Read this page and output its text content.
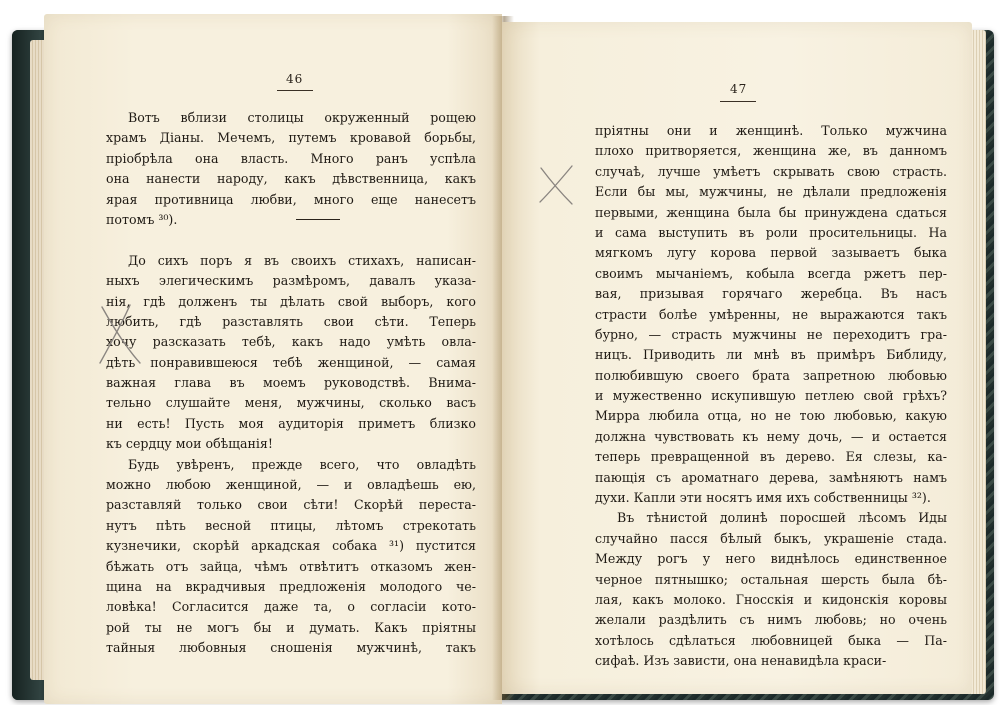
46
Вотъ вблизи столицы окруженный рощею
храмъ Діаны. Мечемъ, путемъ кровавой борьбы,
пріобрѣла она власть. Много ранъ успѣла
она нанести народу, какъ дѣвственница, какъ
ярая противница любви, много еще нанесетъ
потомъ ³⁰).
До сихъ поръ я въ своихъ стихахъ, написан-
ныхъ элегическимъ размѣромъ, давалъ указа-
нія, гдѣ долженъ ты дѣлать свой выборъ, кого
любить, гдѣ разставлять свои сѣти. Теперь
хочу разсказать тебѣ, какъ надо умѣть овла-
дѣть понравившеюся тебѣ женщиной, — самая
важная глава въ моемъ руководствѣ. Внима-
тельно слушайте меня, мужчины, сколько васъ
ни есть! Пусть моя аудиторія приметъ близко
къ сердцу мои обѣщанія!
Будь увѣренъ, прежде всего, что овладѣть
можно любою женщиной, — и овладѣешь ею,
разставляй только свои сѣти! Скорѣй переста-
нутъ пѣть весной птицы, лѣтомъ стрекотать
кузнечики, скорѣй аркадская собака ³¹) пустится
бѣжать отъ зайца, чѣмъ отвѣтитъ отказомъ жен-
щина на вкрадчивыя предложенія молодого че-
ловѣка! Согласится даже та, о согласіи кото-
рой ты не могъ бы и думать. Какъ пріятны
тайныя любовныя сношенія мужчинѣ, такъ
47
пріятны они и женщинѣ. Только мужчина
плохо притворяется, женщина же, въ данномъ
случаѣ, лучше умѣетъ скрывать свою страсть.
Если бы мы, мужчины, не дѣлали предложенія
первыми, женщина была бы принуждена сдаться
и сама выступить въ роли просительницы. На
мягкомъ лугу корова первой зазываетъ быка
своимъ мычаніемъ, кобыла всегда ржетъ пер-
вая, призывая горячаго жеребца. Въ насъ
страсти болѣе умѣренны, не выражаются такъ
бурно, — страсть мужчины не переходитъ гра-
ницъ. Приводить ли мнѣ въ примѣръ Библиду,
полюбившую своего брата запретною любовью
и мужественно искупившую петлею свой грѣхъ?
Мирра любила отца, но не тою любовью, какую
должна чувствовать къ нему дочь, — и остается
теперь превращенной въ дерево. Ея слезы, ка-
пающія съ ароматнаго дерева, замѣняютъ намъ
духи. Капли эти носятъ имя ихъ собственницы ³²).
Въ тѣнистой долинѣ поросшей лѣсомъ Иды
случайно пасся бѣлый быкъ, украшеніе стада.
Между рогъ у него виднѣлось единственное
черное пятнышко; остальная шерсть была бѣ-
лая, какъ молоко. Гносскія и кидонскія коровы
желали раздѣлить съ нимъ любовь; но очень
хотѣлось сдѣлаться любовницей быка — Па-
сифаѣ. Изъ зависти, она ненавидѣла краси-
